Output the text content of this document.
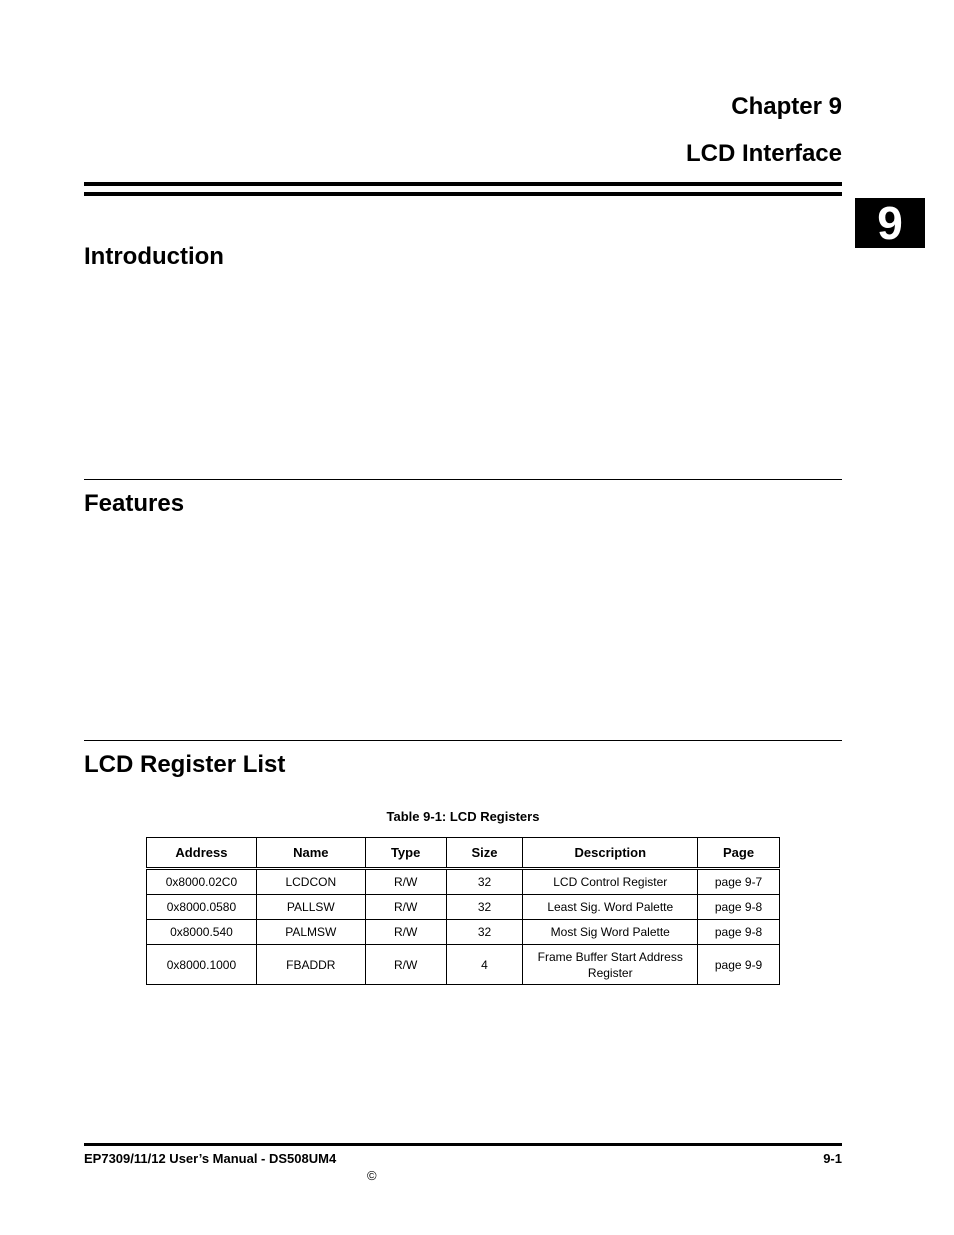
Chapter 9
LCD Interface
9
Introduction
Features
LCD Register List
Table 9-1: LCD Registers
Address	Name	Type	Size	Description	Page
0x8000.02C0	LCDCON	R/W	32	LCD Control Register	page 9-7
0x8000.0580	PALLSW	R/W	32	Least Sig. Word Palette	page 9-8
0x8000.540	PALMSW	R/W	32	Most Sig Word Palette	page 9-8
0x8000.1000	FBADDR	R/W	4	Frame Buffer Start Address Register	page 9-9
EP7309/11/12 User’s Manual - DS508UM4	9-1
©
